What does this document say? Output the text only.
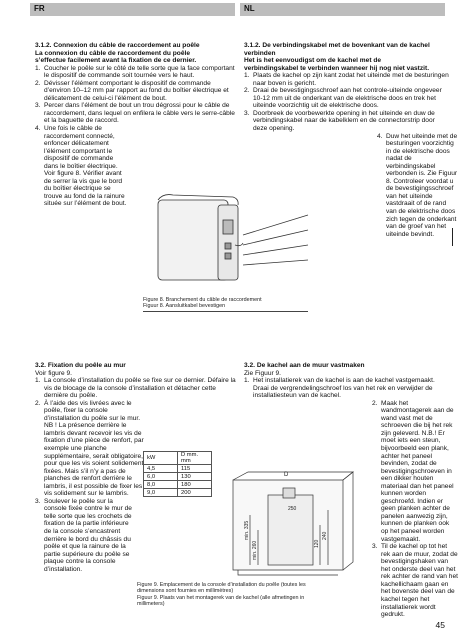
FR	NL

3.1.2. Connexion du câble de raccordement au poêle

La connexion du câble de raccordement du poêle

s’effectue facilement avant la fixation de ce dernier.

1. Coucher le poêle sur le côté de telle sorte que la face comportant le dispositif de commande soit tournée vers le haut.
2. Dévisser l’élément comportant le dispositif de commande d’environ 10–12 mm par rapport au fond du boîtier électrique et délicatement de celui-ci l’élément de bout.
3. Percer dans l’élément de bout un trou dégrossi pour le câble de raccordement, dans lequel on enfilera le câble vers le serre-câble et la baguette de raccord.
4. Une fois le câble de raccordement connecté, enfoncer délicatement l’élément comportant le dispositif de commande dans le boîtier électrique. Voir figure 8. Vérifier avant de serrer la vis que le bord du boîtier électrique se trouve au fond de la rainure située sur l’élément de bout.

3.1.2. De verbindingskabel met de bovenkant van de kachel verbinden

Het is het eenvoudigst om de kachel met de

verbindingskabel te verbinden wanneer hij nog niet vastzit.

1. Plaats de kachel op zijn kant zodat het uiteinde met de besturingen naar boven is gericht.
2. Draai de bevestigingsschroef aan het controle-uiteinde ongeveer 10-12 mm uit de onderkant van de elektrische doos en trek het uiteinde voorzichtig uit de elektrische doos.
3. Doorbreek de voorbewerkte opening in het uiteinde en duw de verbindingskabel naar de kabelklem en de connectorstrip door deze opening.
4. Duw het uiteinde met de besturingen voorzichtig in de elektrische doos nadat de verbindingskabel verbonden is. Zie Figuur 8. Controleer voordat u de bevestigingsschroef van het uiteinde vastdraait of de rand van de elektrische doos zich tegen de onderkant van de groef van het uiteinde bevindt.
Figure 8. Branchement du câble de raccordement
Figuur 8. Aansluitkabel bevestigen

3.2. Fixation du poêle au mur

Voir figure 9.

1. La console d’installation du poêle se fixe sur ce dernier. Défaire la vis de blocage de la console d’installation et détacher cette dernière du poêle.
2. À l’aide des vis livrées avec le poêle, fixer la console d’installation du poêle sur le mur. NB ! La présence derrière le lambris devant recevoir les vis de fixation d’une pièce de renfort, par exemple une planche supplémentaire, serait obligatoire, pour que les vis soient solidement fixées. Mais s’il n’y a pas de planches de renfort derrière le lambris, il est possible de fixer les vis solidement sur le lambris.
3. Soulever le poêle sur la console fixée contre le mur de telle sorte que les crochets de fixation de la partie inférieure de la console s’encastrent derrière le bord du châssis du poêle et que la rainure de la partie supérieure du poêle se plaque contre la console d’installation.

3.2. De kachel aan de muur vastmaken

Zie Figuur 9.

1. Het installatierek van de kachel is aan de kachel vastgemaakt. Draai de vergrendelingschroef los van het rek en verwijder de installatiesteun van de kachel.
2. Maak het wandmontagerek aan de wand vast met de schroeven die bij het rek zijn geleverd. N.B.! Er moet iets een steun, bijvoorbeeld een plank, achter het paneel bevinden, zodat de bevestigingschroeven in een dikker houten materiaal dan het paneel kunnen worden geschroefd. Indien er geen planken achter de panelen aanwezig zijn, kunnen de planken ook op het paneel worden vastgemaakt.
3. Til de kachel op tot het rek aan de muur, zodat de bevestigingshaken van het onderste deel van het rek achter de rand van het kachellichaam gaan en het bovenste deel van de kachel tegen het installatierek wordt gedrukt.
kW	D mm. mm
4,5	115
6,0	130
8,0	180
9,0	200
D
min. 260
min. 335
120
240
250
Figure 9. Emplacement de la console d’installation du poêle (toutes les dimensions sont fournies en millimètres)
Figuur 9. Plaats van het montagerek van de kachel (alle afmetingen in millimeters)
45
